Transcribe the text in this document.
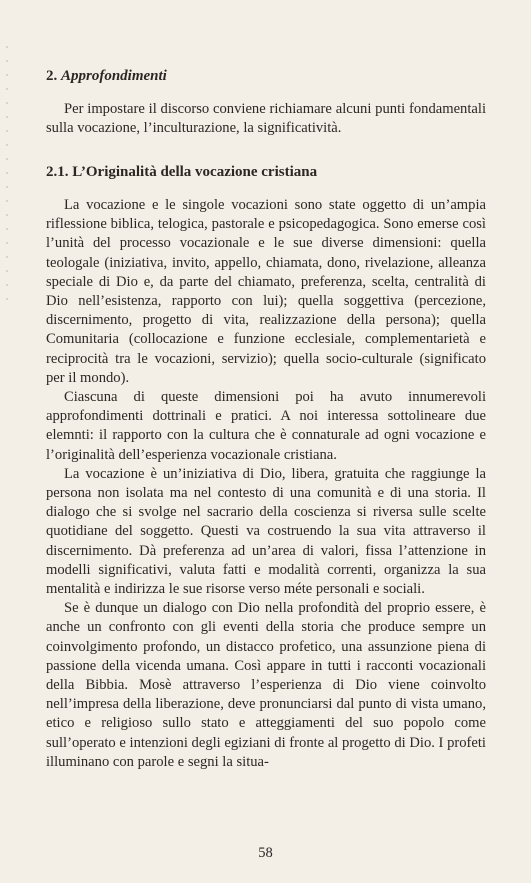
2. Approfondimenti

Per impostare il discorso conviene richiamare alcuni punti fondamentali sulla vocazione, l’inculturazione, la significatività.

2.1. L’Originalità della vocazione cristiana

La vocazione e le singole vocazioni sono state oggetto di un’ampia riflessione biblica, telogica, pastorale e psicopedagogica. Sono emerse così l’unità del processo vocazionale e le sue diverse dimensioni: quella teologale (iniziativa, invito, appello, chiamata, dono, rivelazione, alleanza speciale di Dio e, da parte del chiamato, preferenza, scelta, centralità di Dio nell’esistenza, rapporto con lui); quella soggettiva (percezione, discernimento, progetto di vita, realizzazione della persona); quella Comunitaria (collocazione e funzione ecclesiale, complementarietà e reciprocità tra le vocazioni, servizio); quella socio-culturale (significato per il mondo).

Ciascuna di queste dimensioni poi ha avuto innumerevoli approfondimenti dottrinali e pratici. A noi interessa sottolineare due elemnti: il rapporto con la cultura che è connaturale ad ogni vocazione e l’originalità dell’esperienza vocazionale cristiana.

La vocazione è un’iniziativa di Dio, libera, gratuita che raggiunge la persona non isolata ma nel contesto di una comunità e di una storia. Il dialogo che si svolge nel sacrario della coscienza si riversa sulle scelte quotidiane del soggetto. Questi va costruendo la sua vita attraverso il discernimento. Dà preferenza ad un’area di valori, fissa l’attenzione in modelli significativi, valuta fatti e modalità correnti, organizza la sua mentalità e indirizza le sue risorse verso méte personali e sociali.

Se è dunque un dialogo con Dio nella profondità del proprio essere, è anche un confronto con gli eventi della storia che produce sempre un coinvolgimento profondo, un distacco profetico, una assunzione piena di passione della vicenda umana. Così appare in tutti i racconti vocazionali della Bibbia. Mosè attraverso l’esperienza di Dio viene coinvolto nell’impresa della liberazione, deve pronunciarsi dal punto di vista umano, etico e religioso sullo stato e atteggiamenti del suo popolo come sull’operato e intenzioni degli egiziani di fronte al progetto di Dio. I profeti illuminano con parole e segni la situa-

58
